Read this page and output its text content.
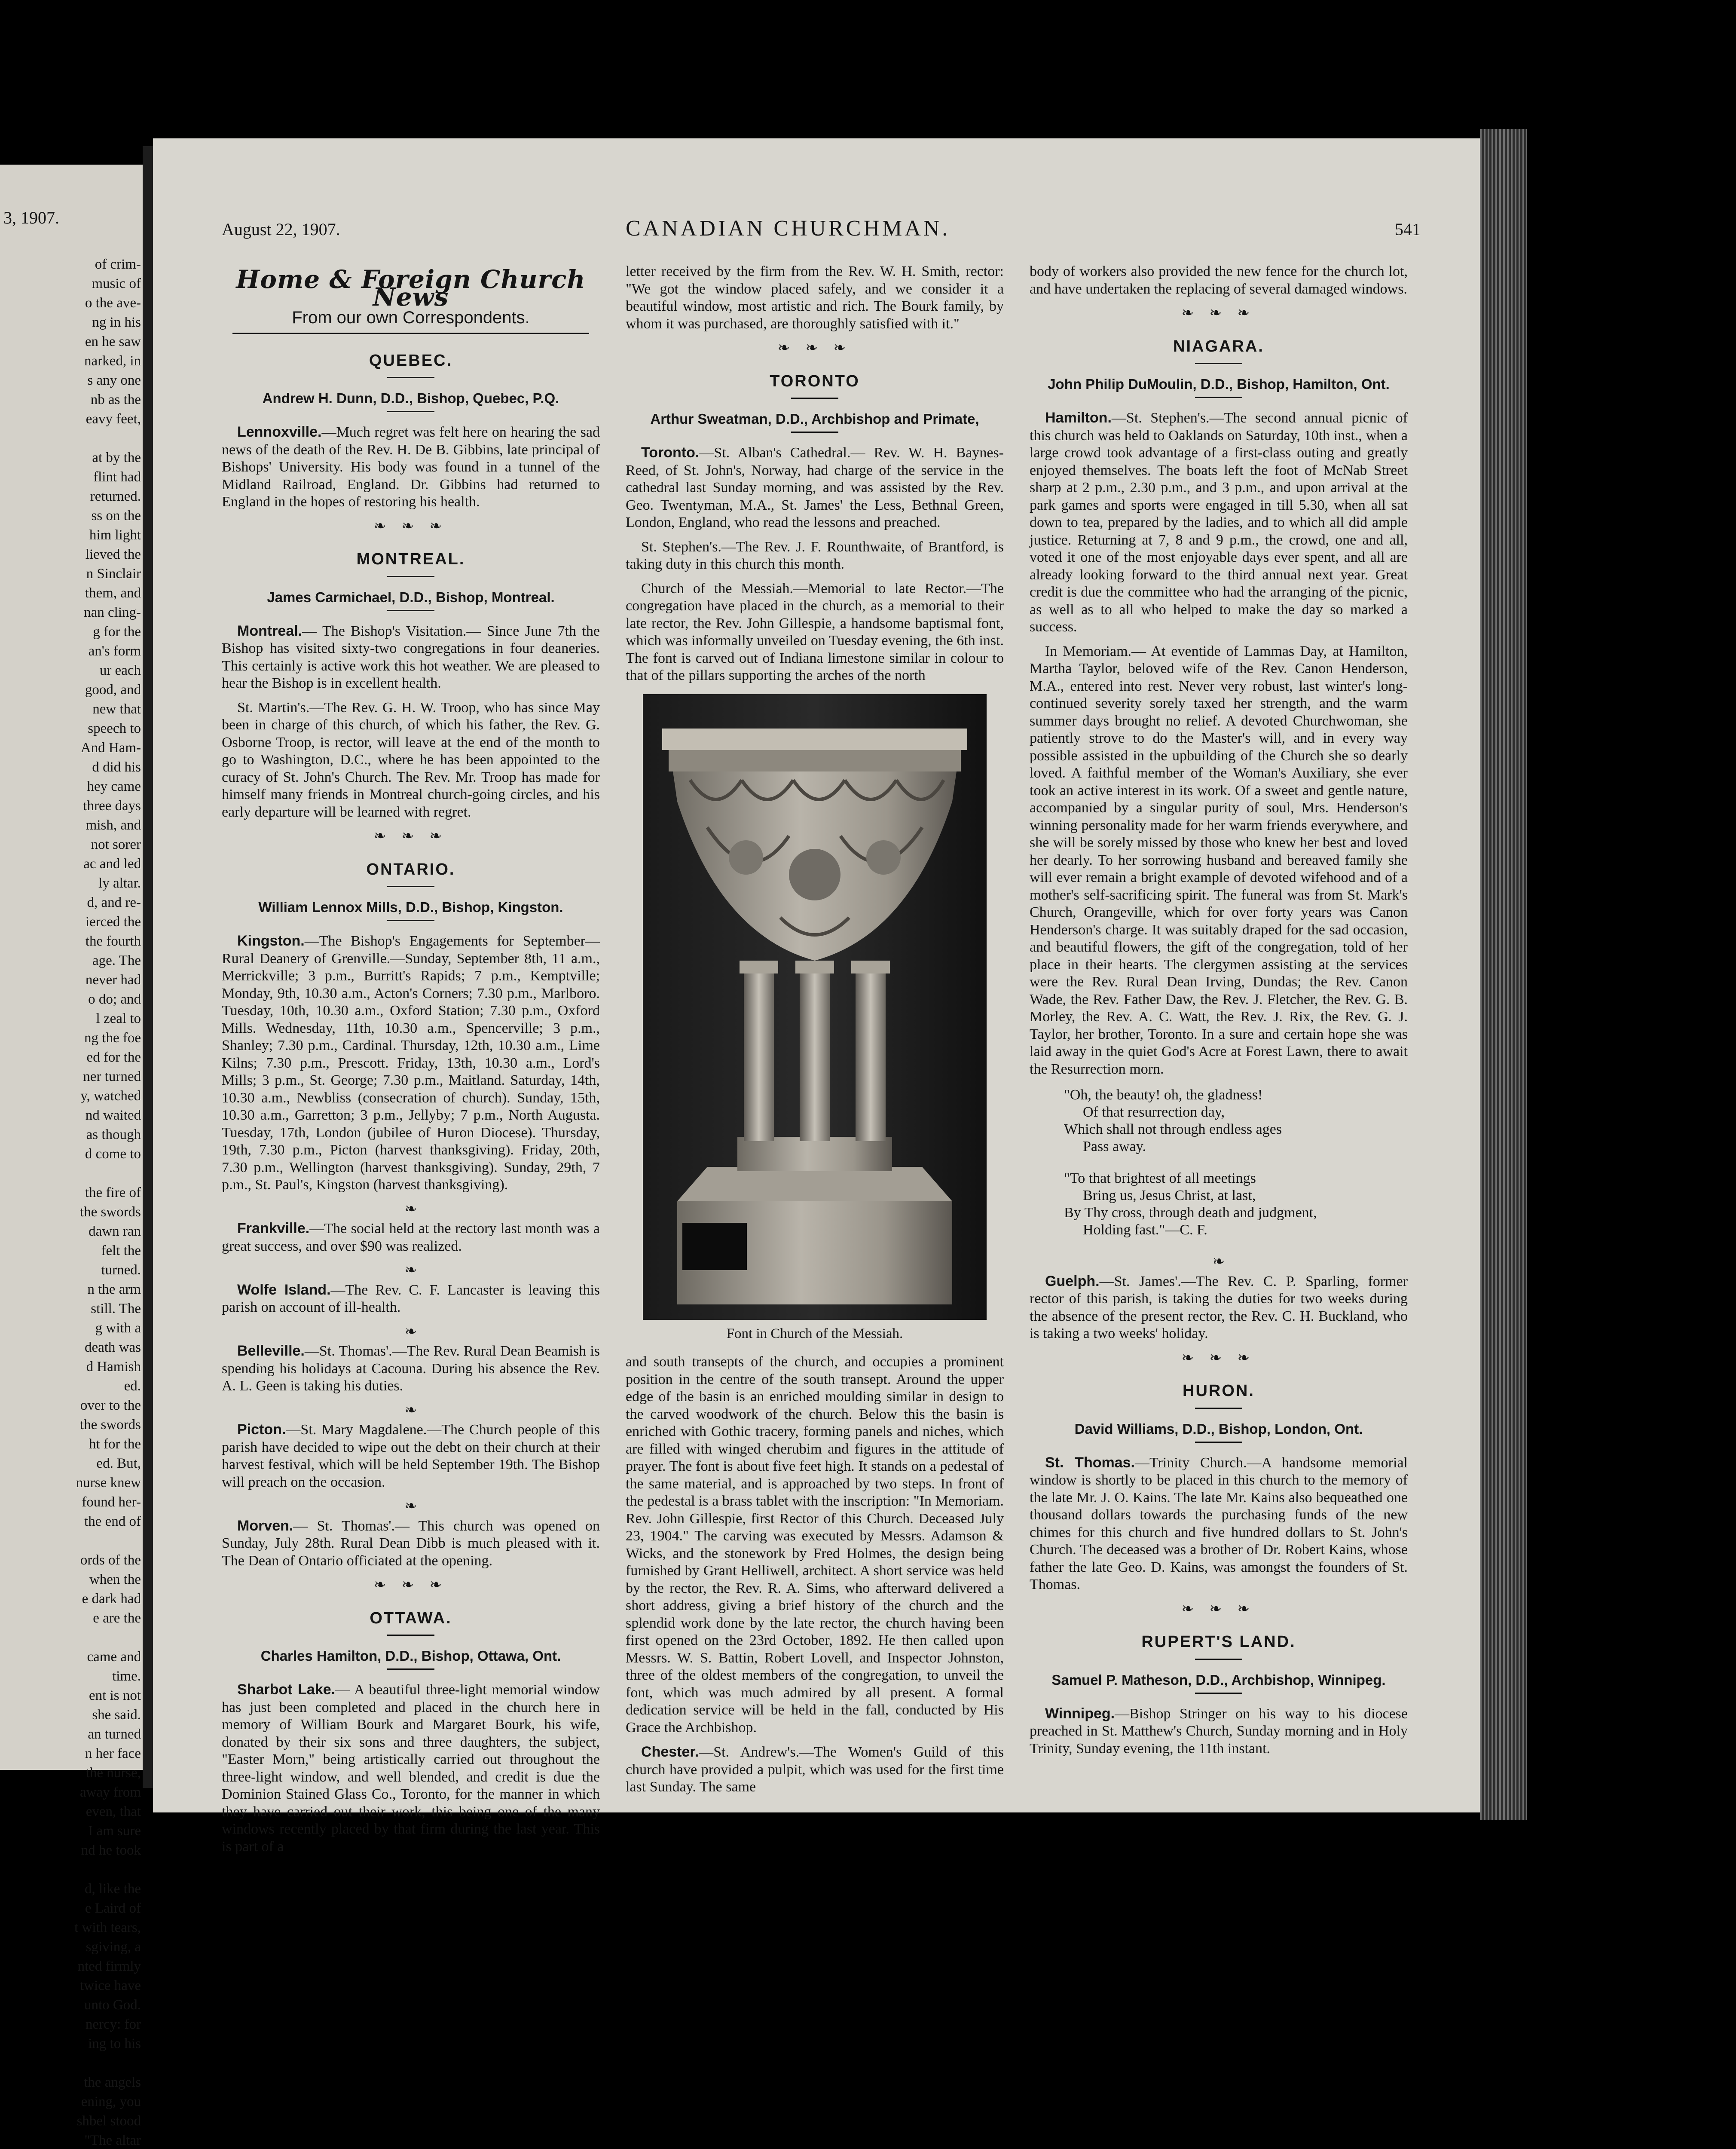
3, 1907.
of crim-
music of
o the ave-
ng in his
en he saw
narked, in
s any one
nb as the
eavy feet,
at by the
flint had
returned.
ss on the
him light
lieved the
n Sinclair
them, and
nan cling-
g for the
an's form
ur each
good, and
new that
speech to
And Ham-
d did his
hey came
three days
mish, and
not sorer
ac and led
ly altar.
d, and re-
ierced the
the fourth
age. The
never had
o do; and
l zeal to
ng the foe
ed for the
ner turned
y, watched
nd waited
as though
d come to
the fire of
the swords
dawn ran
felt the
turned.
n the arm
still. The
g with a
death was
d Hamish
ed.
over to the
the swords
ht for the
ed. But,
nurse knew
found her-
the end of
ords of the
when the
e dark had
e are the
came and
time.
ent is not
she said.
an turned
n her face
the nurse,
away from
even, that
I am sure
nd he took
d, like the
e Laird of
t with tears,
sgiving, a
nted firmly
twice have
unto God.
nercy: for
ing to his
the angels
ening, you
shbel stood
"The altar
August 22, 1907.	CANADIAN CHURCHMAN.	541
Home & Foreign Church News
From our own Correspondents.
QUEBEC.
Andrew H. Dunn, D.D., Bishop, Quebec, P.Q.

Lennoxville.—Much regret was felt here on hearing the sad news of the death of the Rev. H. De B. Gibbins, late principal of Bishops' University. His body was found in a tunnel of the Midland Railroad, England. Dr. Gibbins had returned to England in the hopes of restoring his health.

❧ ❧ ❧
MONTREAL.
James Carmichael, D.D., Bishop, Montreal.

Montreal.— The Bishop's Visitation.— Since June 7th the Bishop has visited sixty-two congregations in four deaneries. This certainly is active work this hot weather. We are pleased to hear the Bishop is in excellent health.

St. Martin's.—The Rev. G. H. W. Troop, who has since May been in charge of this church, of which his father, the Rev. G. Osborne Troop, is rector, will leave at the end of the month to go to Washington, D.C., where he has been appointed to the curacy of St. John's Church. The Rev. Mr. Troop has made for himself many friends in Montreal church-going circles, and his early departure will be learned with regret.

❧ ❧ ❧
ONTARIO.
William Lennox Mills, D.D., Bishop, Kingston.

Kingston.—The Bishop's Engagements for September—Rural Deanery of Grenville.—Sunday, September 8th, 11 a.m., Merrickville; 3 p.m., Burritt's Rapids; 7 p.m., Kemptville; Monday, 9th, 10.30 a.m., Acton's Corners; 7.30 p.m., Marlboro. Tuesday, 10th, 10.30 a.m., Oxford Station; 7.30 p.m., Oxford Mills. Wednesday, 11th, 10.30 a.m., Spencerville; 3 p.m., Shanley; 7.30 p.m., Cardinal. Thursday, 12th, 10.30 a.m., Lime Kilns; 7.30 p.m., Prescott. Friday, 13th, 10.30 a.m., Lord's Mills; 3 p.m., St. George; 7.30 p.m., Maitland. Saturday, 14th, 10.30 a.m., Newbliss (consecration of church). Sunday, 15th, 10.30 a.m., Garretton; 3 p.m., Jellyby; 7 p.m., North Augusta. Tuesday, 17th, London (jubilee of Huron Diocese). Thursday, 19th, 7.30 p.m., Picton (harvest thanksgiving). Friday, 20th, 7.30 p.m., Wellington (harvest thanksgiving). Sunday, 29th, 7 p.m., St. Paul's, Kingston (harvest thanksgiving).

❧

Frankville.—The social held at the rectory last month was a great success, and over $90 was realized.

❧

Wolfe Island.—The Rev. C. F. Lancaster is leaving this parish on account of ill-health.

❧

Belleville.—St. Thomas'.—The Rev. Rural Dean Beamish is spending his holidays at Cacouna. During his absence the Rev. A. L. Geen is taking his duties.

❧

Picton.—St. Mary Magdalene.—The Church people of this parish have decided to wipe out the debt on their church at their harvest festival, which will be held September 19th. The Bishop will preach on the occasion.

❧

Morven.— St. Thomas'.— This church was opened on Sunday, July 28th. Rural Dean Dibb is much pleased with it. The Dean of Ontario officiated at the opening.

❧ ❧ ❧
OTTAWA.
Charles Hamilton, D.D., Bishop, Ottawa, Ont.

Sharbot Lake.— A beautiful three-light memorial window has just been completed and placed in the church here in memory of William Bourk and Margaret Bourk, his wife, donated by their six sons and three daughters, the subject, "Easter Morn," being artistically carried out throughout the three-light window, and well blended, and credit is due the Dominion Stained Glass Co., Toronto, for the manner in which they have carried out their work, this being one of the many windows recently placed by that firm during the last year. This is part of a

letter received by the firm from the Rev. W. H. Smith, rector: "We got the window placed safely, and we consider it a beautiful window, most artistic and rich. The Bourk family, by whom it was purchased, are thoroughly satisfied with it."

❧ ❧ ❧
TORONTO
Arthur Sweatman, D.D., Archbishop and Primate,

Toronto.—St. Alban's Cathedral.— Rev. W. H. Baynes-Reed, of St. John's, Norway, had charge of the service in the cathedral last Sunday morning, and was assisted by the Rev. Geo. Twentyman, M.A., St. James' the Less, Bethnal Green, London, England, who read the lessons and preached.

St. Stephen's.—The Rev. J. F. Rounthwaite, of Brantford, is taking duty in this church this month.

Church of the Messiah.—Memorial to late Rector.—The congregation have placed in the church, as a memorial to their late rector, the Rev. John Gillespie, a handsome baptismal font, which was informally unveiled on Tuesday evening, the 6th inst. The font is carved out of Indiana limestone similar in colour to that of the pillars supporting the arches of the north

Font in Church of the Messiah.

and south transepts of the church, and occupies a prominent position in the centre of the south transept. Around the upper edge of the basin is an enriched moulding similar in design to the carved woodwork of the church. Below this the basin is enriched with Gothic tracery, forming panels and niches, which are filled with winged cherubim and figures in the attitude of prayer. The font is about five feet high. It stands on a pedestal of the same material, and is approached by two steps. In front of the pedestal is a brass tablet with the inscription: "In Memoriam. Rev. John Gillespie, first Rector of this Church. Deceased July 23, 1904." The carving was executed by Messrs. Adamson & Wicks, and the stonework by Fred Holmes, the design being furnished by Grant Helliwell, architect. A short service was held by the rector, the Rev. R. A. Sims, who afterward delivered a short address, giving a brief history of the church and the splendid work done by the late rector, the church having been first opened on the 23rd October, 1892. He then called upon Messrs. W. S. Battin, Robert Lovell, and Inspector Johnston, three of the oldest members of the congregation, to unveil the font, which was much admired by all present. A formal dedication service will be held in the fall, conducted by His Grace the Archbishop.

Chester.—St. Andrew's.—The Women's Guild of this church have provided a pulpit, which was used for the first time last Sunday. The same

body of workers also provided the new fence for the church lot, and have undertaken the replacing of several damaged windows.

❧ ❧ ❧
NIAGARA.
John Philip DuMoulin, D.D., Bishop, Hamilton, Ont.

Hamilton.—St. Stephen's.—The second annual picnic of this church was held to Oaklands on Saturday, 10th inst., when a large crowd took advantage of a first-class outing and greatly enjoyed themselves. The boats left the foot of McNab Street sharp at 2 p.m., 2.30 p.m., and 3 p.m., and upon arrival at the park games and sports were engaged in till 5.30, when all sat down to tea, prepared by the ladies, and to which all did ample justice. Returning at 7, 8 and 9 p.m., the crowd, one and all, voted it one of the most enjoyable days ever spent, and all are already looking forward to the third annual next year. Great credit is due the committee who had the arranging of the picnic, as well as to all who helped to make the day so marked a success.

In Memoriam.— At eventide of Lammas Day, at Hamilton, Martha Taylor, beloved wife of the Rev. Canon Henderson, M.A., entered into rest. Never very robust, last winter's long-continued severity sorely taxed her strength, and the warm summer days brought no relief. A devoted Churchwoman, she patiently strove to do the Master's will, and in every way possible assisted in the upbuilding of the Church she so dearly loved. A faithful member of the Woman's Auxiliary, she ever took an active interest in its work. Of a sweet and gentle nature, accompanied by a singular purity of soul, Mrs. Henderson's winning personality made for her warm friends everywhere, and she will be sorely missed by those who knew her best and loved her dearly. To her sorrowing husband and bereaved family she will ever remain a bright example of devoted wifehood and of a mother's self-sacrificing spirit. The funeral was from St. Mark's Church, Orangeville, which for over forty years was Canon Henderson's charge. It was suitably draped for the sad occasion, and beautiful flowers, the gift of the congregation, told of her place in their hearts. The clergymen assisting at the services were the Rev. Rural Dean Irving, Dundas; the Rev. Canon Wade, the Rev. Father Daw, the Rev. J. Fletcher, the Rev. G. B. Morley, the Rev. A. C. Watt, the Rev. J. Rix, the Rev. G. J. Taylor, her brother, Toronto. In a sure and certain hope she was laid away in the quiet God's Acre at Forest Lawn, there to await the Resurrection morn.

"Oh, the beauty! oh, the gladness!
Of that resurrection day,
Which shall not through endless ages
Pass away.
"To that brightest of all meetings
Bring us, Jesus Christ, at last,
By Thy cross, through death and judgment,
Holding fast."—C. F.
❧

Guelph.—St. James'.—The Rev. C. P. Sparling, former rector of this parish, is taking the duties for two weeks during the absence of the present rector, the Rev. C. H. Buckland, who is taking a two weeks' holiday.

❧ ❧ ❧
HURON.
David Williams, D.D., Bishop, London, Ont.

St. Thomas.—Trinity Church.—A handsome memorial window is shortly to be placed in this church to the memory of the late Mr. J. O. Kains. The late Mr. Kains also bequeathed one thousand dollars towards the purchasing funds of the new chimes for this church and five hundred dollars to St. John's Church. The deceased was a brother of Dr. Robert Kains, whose father the late Geo. D. Kains, was amongst the founders of St. Thomas.

❧ ❧ ❧
RUPERT'S LAND.
Samuel P. Matheson, D.D., Archbishop, Winnipeg.

Winnipeg.—Bishop Stringer on his way to his diocese preached in St. Matthew's Church, Sunday morning and in Holy Trinity, Sunday evening, the 11th instant.
